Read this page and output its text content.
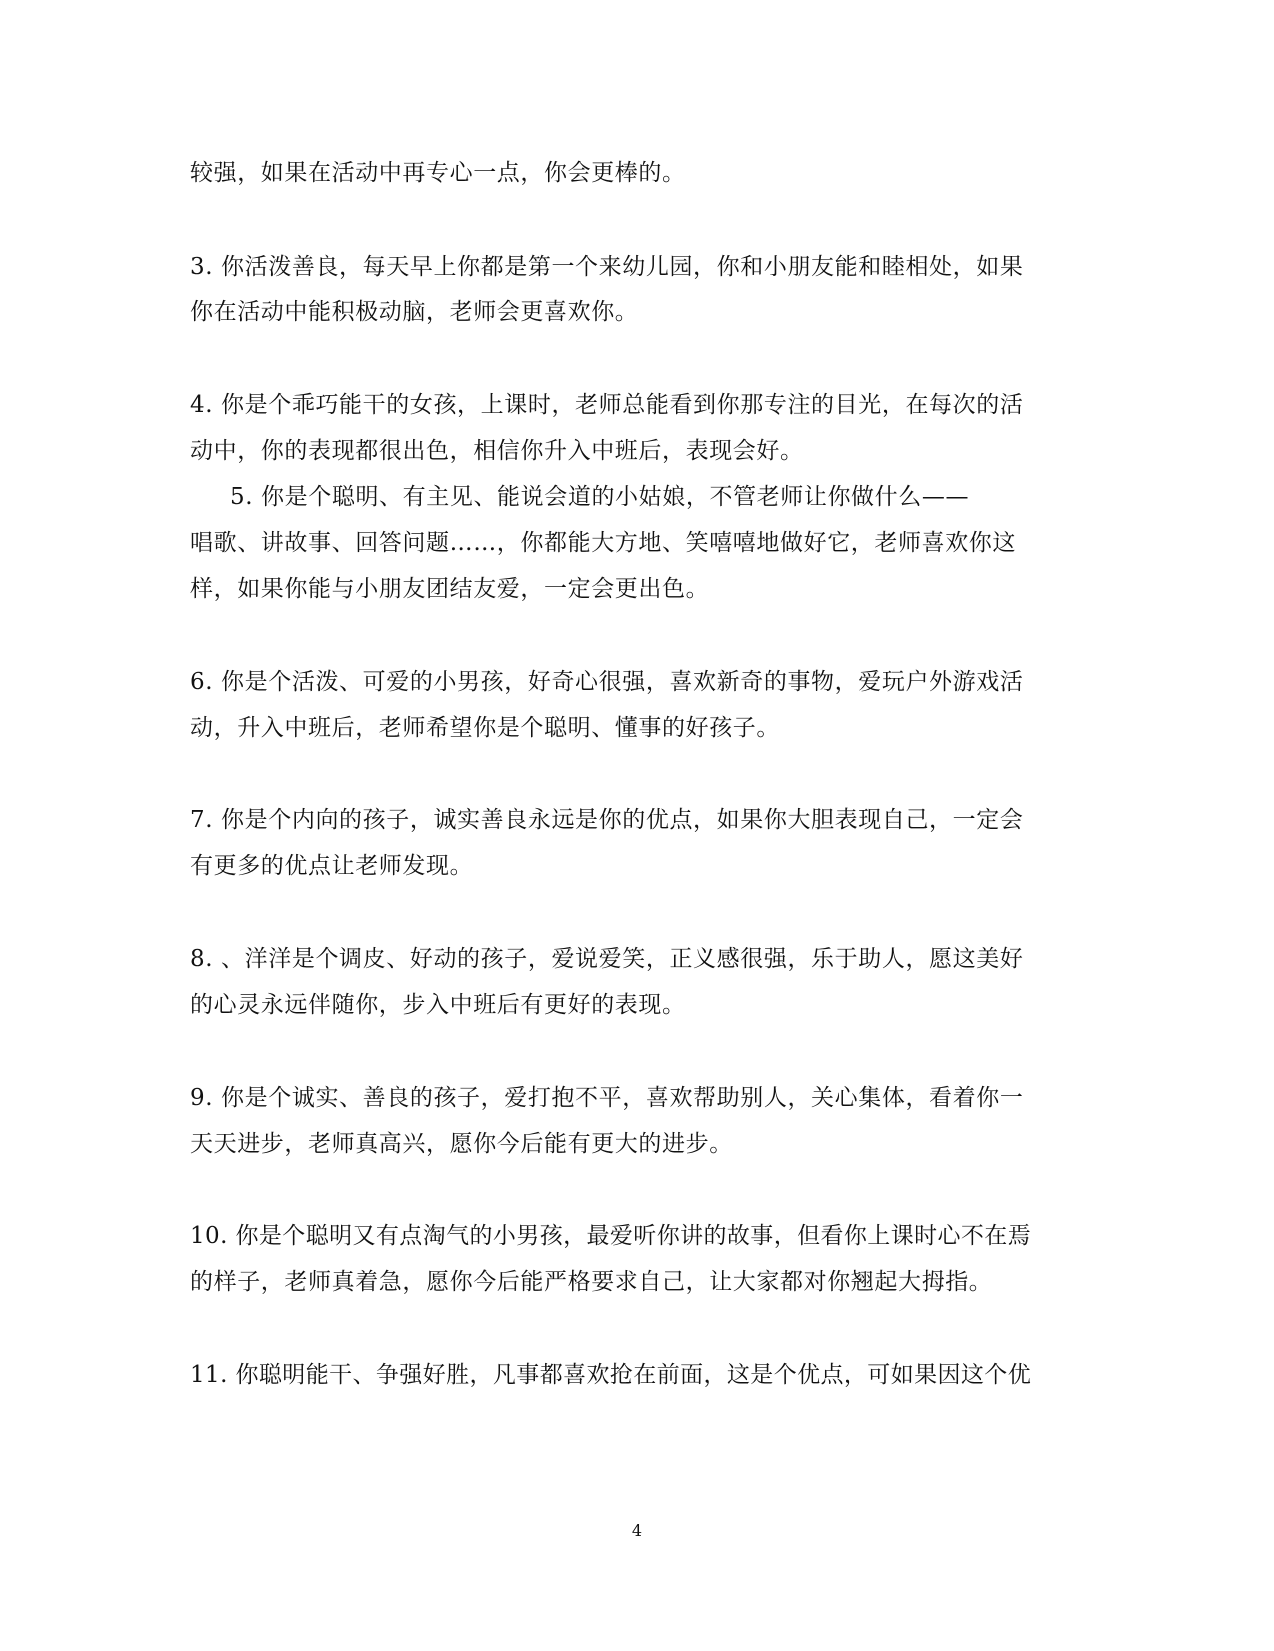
较强，如果在活动中再专心一点，你会更棒的。
3. 你活泼善良，每天早上你都是第一个来幼儿园，你和小朋友能和睦相处，如果
你在活动中能积极动脑，老师会更喜欢你。
4. 你是个乖巧能干的女孩，上课时，老师总能看到你那专注的目光，在每次的活
动中，你的表现都很出色，相信你升入中班后，表现会好。
5. 你是个聪明、有主见、能说会道的小姑娘，不管老师让你做什么——
唱歌、讲故事、回答问题……，你都能大方地、笑嘻嘻地做好它，老师喜欢你这
样，如果你能与小朋友团结友爱，一定会更出色。
6. 你是个活泼、可爱的小男孩，好奇心很强，喜欢新奇的事物，爱玩户外游戏活
动，升入中班后，老师希望你是个聪明、懂事的好孩子。
7. 你是个内向的孩子，诚实善良永远是你的优点，如果你大胆表现自己，一定会
有更多的优点让老师发现。
8. 、洋洋是个调皮、好动的孩子，爱说爱笑，正义感很强，乐于助人，愿这美好
的心灵永远伴随你，步入中班后有更好的表现。
9. 你是个诚实、善良的孩子，爱打抱不平，喜欢帮助别人，关心集体，看着你一
天天进步，老师真高兴，愿你今后能有更大的进步。
10. 你是个聪明又有点淘气的小男孩，最爱听你讲的故事，但看你上课时心不在焉
的样子，老师真着急，愿你今后能严格要求自己，让大家都对你翘起大拇指。
11. 你聪明能干、争强好胜，凡事都喜欢抢在前面，这是个优点，可如果因这个优
4
